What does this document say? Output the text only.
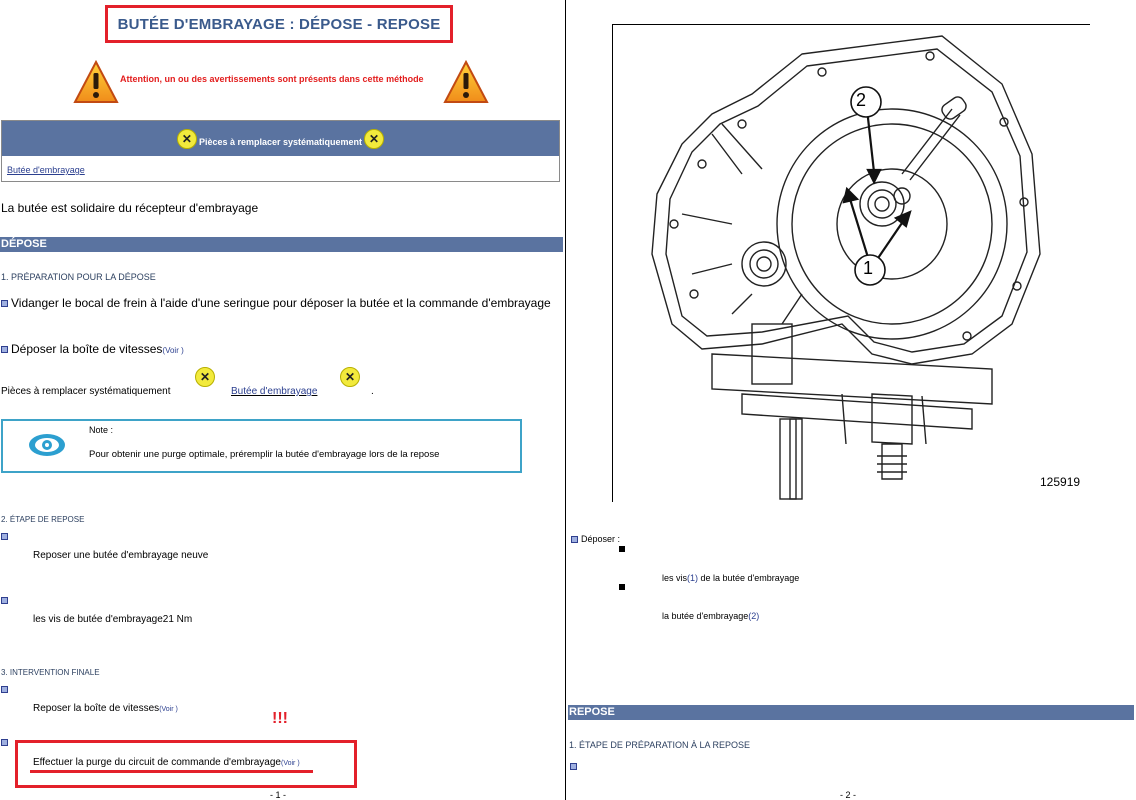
BUTÉE D'EMBRAYAGE : DÉPOSE - REPOSE
Attention, un ou des avertissements sont présents dans cette méthode
✕ Pièces à remplacer systématiquement ✕
Butée d'embrayage
La butée est solidaire du récepteur d'embrayage
DÉPOSE
1. PRÉPARATION POUR LA DÉPOSE
Vidanger le bocal de frein à l'aide d'une seringue pour déposer la butée et la commande d'embrayage
Déposer la boîte de vitesses(Voir )
Pièces à remplacer systématiquement
✕
Butée d'embrayage
✕
.
Note :
Pour obtenir une purge optimale, préremplir la butée d'embrayage lors de la repose
2. ÉTAPE DE REPOSE
Reposer une butée d'embrayage neuve
les vis de butée d'embrayage21 Nm
3. INTERVENTION FINALE
Reposer la boîte de vitesses(Voir )
!!!
Effectuer la purge du circuit de commande d'embrayage(Voir )
- 1 -
2
1
125919
Déposer :
les vis(1) de la butée d'embrayage
la butée d'embrayage(2)
REPOSE
1. ÉTAPE DE PRÉPARATION À LA REPOSE
- 2 -
